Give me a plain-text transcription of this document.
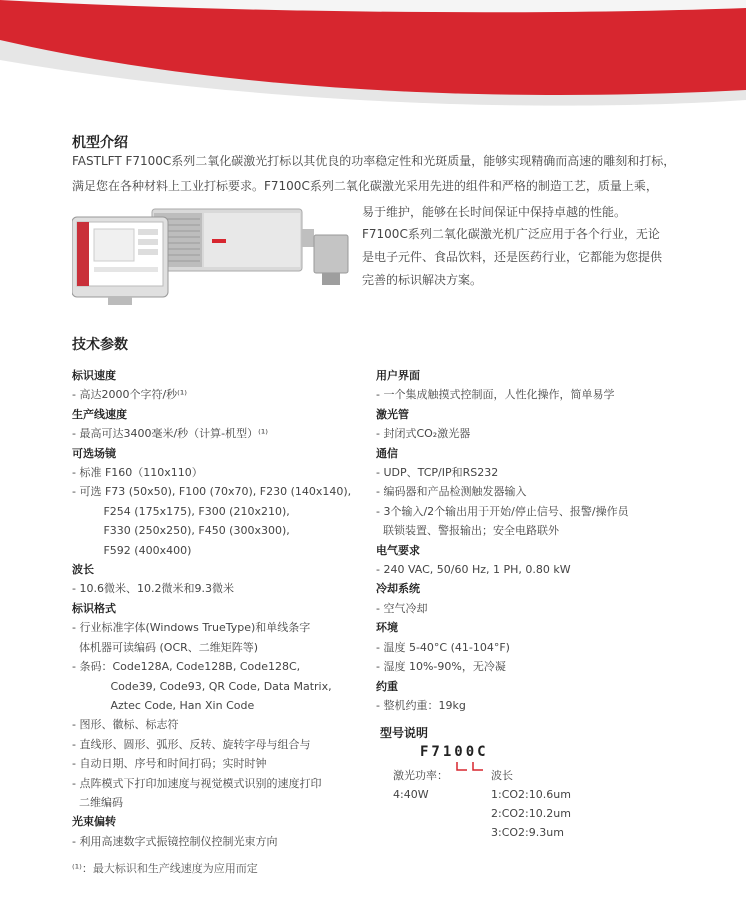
机型介绍
FASTLFT F7100C系列二氧化碳激光打标以其优良的功率稳定性和光斑质量，能够实现精确而高速的雕刻和打标，
满足您在各种材料上工业打标要求。F7100C系列二氧化碳激光采用先进的组件和严格的制造工艺，质量上乘，
易于维护，能够在长时间保证中保持卓越的性能。
F7100C系列二氧化碳激光机广泛应用于各个行业，无论
是电子元件、食品饮料，还是医药行业，它都能为您提供
完善的标识解决方案。
技术参数
标识速度
- 高达2000个字符/秒⁽¹⁾
生产线速度
- 最高可达3400毫米/秒（计算-机型）⁽¹⁾
可选场镜
- 标准 F160（110x110）
- 可选 F73 (50x50), F100 (70x70), F230 (140x140),
F254 (175x175), F300 (210x210),
F330 (250x250), F450 (300x300),
F592 (400x400)
波长
- 10.6微米、10.2微米和9.3微米
标识格式
- 行业标准字体(Windows TrueType)和单线条字
体机器可读编码 (OCR、二维矩阵等)
- 条码：Code128A, Code128B, Code128C,
Code39, Code93, QR Code, Data Matrix,
Aztec Code, Han Xin Code
- 图形、徽标、标志符
- 直线形、圆形、弧形、反转、旋转字母与组合与
- 自动日期、序号和时间打码；实时时钟
- 点阵模式下打印加速度与视觉模式识别的速度打印
二维编码
光束偏转
- 利用高速数字式振镜控制仪控制光束方向
用户界面
- 一个集成触摸式控制面，人性化操作，简单易学
激光管
- 封闭式CO₂激光器
通信
- UDP、TCP/IP和RS232
- 编码器和产品检测触发器输入
- 3个输入/2个输出用于开始/停止信号、报警/操作员
联锁装置、警报输出；安全电路联外
电气要求
- 240 VAC, 50/60 Hz, 1 PH, 0.80 kW
冷却系统
- 空气冷却
环境
- 温度 5-40°C (41-104°F)
- 湿度 10%-90%，无冷凝
约重
- 整机约重：19kg
型号说明
F7100C
激光功率：	波长
4:40W	1:CO2:10.6um
2:CO2:10.2um
3:CO2:9.3um
⁽¹⁾：最大标识和生产线速度为应用而定
